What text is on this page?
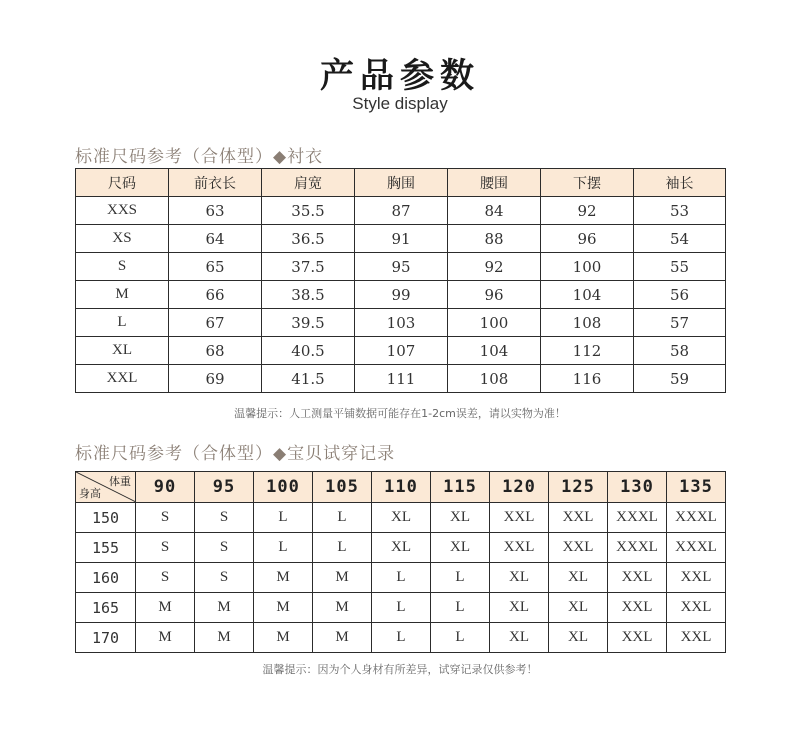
产品参数
Style display
标准尺码参考（合体型）◆衬衣
尺码	前衣长	肩宽	胸围	腰围	下摆	袖长
XXS	63	35.5	87	84	92	53
XS	64	36.5	91	88	96	54
S	65	37.5	95	92	100	55
M	66	38.5	99	96	104	56
L	67	39.5	103	100	108	57
XL	68	40.5	107	104	112	58
XXL	69	41.5	111	108	116	59
温馨提示：人工测量平铺数据可能存在1-2cm误差，请以实物为准！
标准尺码参考（合体型）◆宝贝试穿记录
体重
身高	90	95	100	105	110	115	120	125	130	135
150	S	S	L	L	XL	XL	XXL	XXL	XXXL	XXXL
155	S	S	L	L	XL	XL	XXL	XXL	XXXL	XXXL
160	S	S	M	M	L	L	XL	XL	XXL	XXL
165	M	M	M	M	L	L	XL	XL	XXL	XXL
170	M	M	M	M	L	L	XL	XL	XXL	XXL
温馨提示：因为个人身材有所差异，试穿记录仅供参考！
